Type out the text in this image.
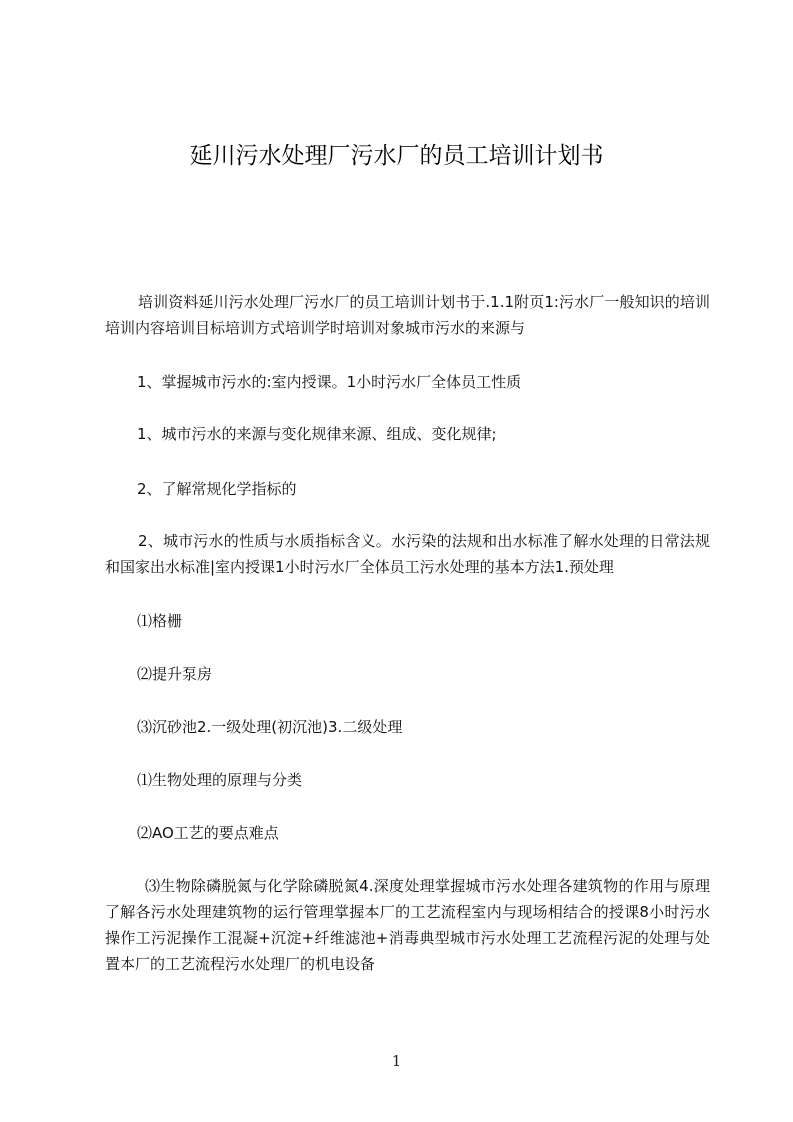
延川污水处理厂污水厂的员工培训计划书
培训资料延川污水处理厂污水厂的员工培训计划书于.1.1附页1:污水厂一般知识的培训培训内容培训目标培训方式培训学时培训对象城市污水的来源与
1、掌握城市污水的:室内授课。1小时污水厂全体员工性质
1、城市污水的来源与变化规律来源、组成、变化规律;
2、了解常规化学指标的
2、城市污水的性质与水质指标含义。水污染的法规和出水标准了解水处理的日常法规和国家出水标准|室内授课1小时污水厂全体员工污水处理的基本方法1.预处理
⑴格栅
⑵提升泵房
⑶沉砂池2.一级处理(初沉池)3.二级处理
⑴生物处理的原理与分类
⑵AO工艺的要点难点
⑶生物除磷脱氮与化学除磷脱氮4.深度处理掌握城市污水处理各建筑物的作用与原理了解各污水处理建筑物的运行管理掌握本厂的工艺流程室内与现场相结合的授课8小时污水操作工污泥操作工混凝+沉淀+纤维滤池+消毒典型城市污水处理工艺流程污泥的处理与处置本厂的工艺流程污水处理厂的机电设备
1
